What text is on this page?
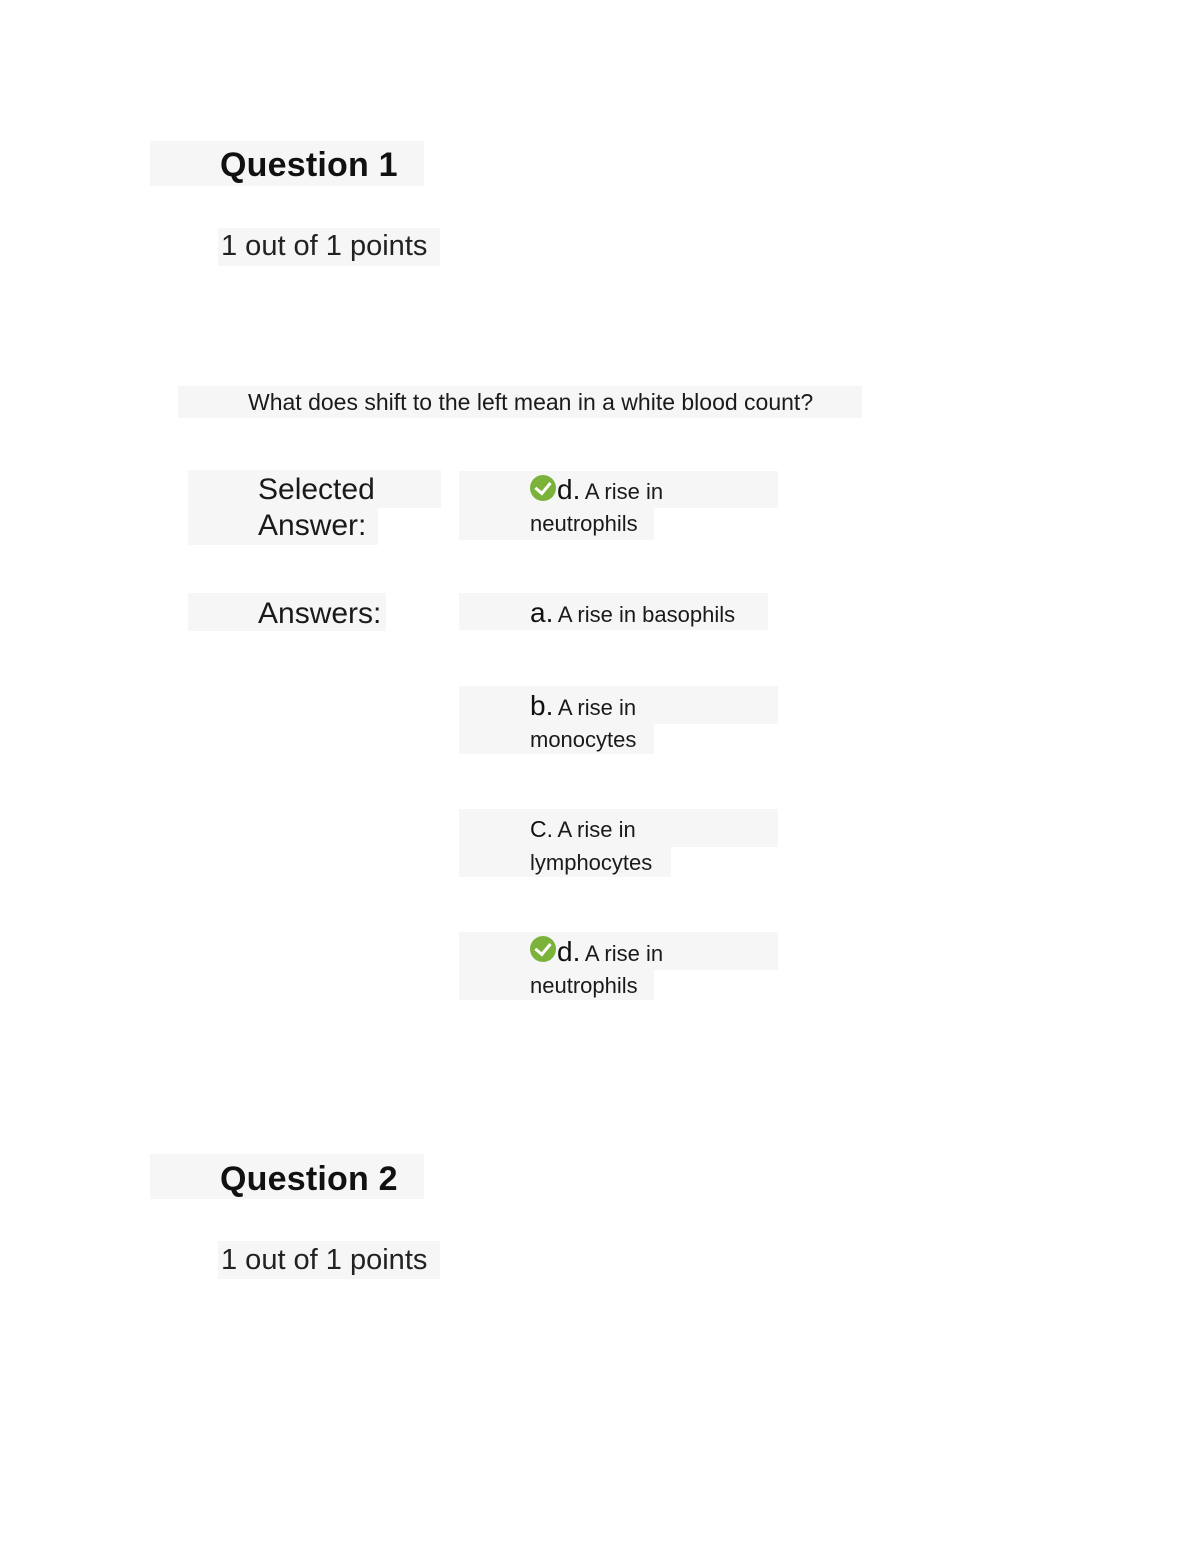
Question 1
1 out of 1 points
What does shift to the left mean in a white blood count?
Selected Answer:
d. A rise in
neutrophils
Answers:	a. A rise in basophils
b. A rise in
monocytes
C. A rise in
lymphocytes
d. A rise in
neutrophils
Question 2
1 out of 1 points
